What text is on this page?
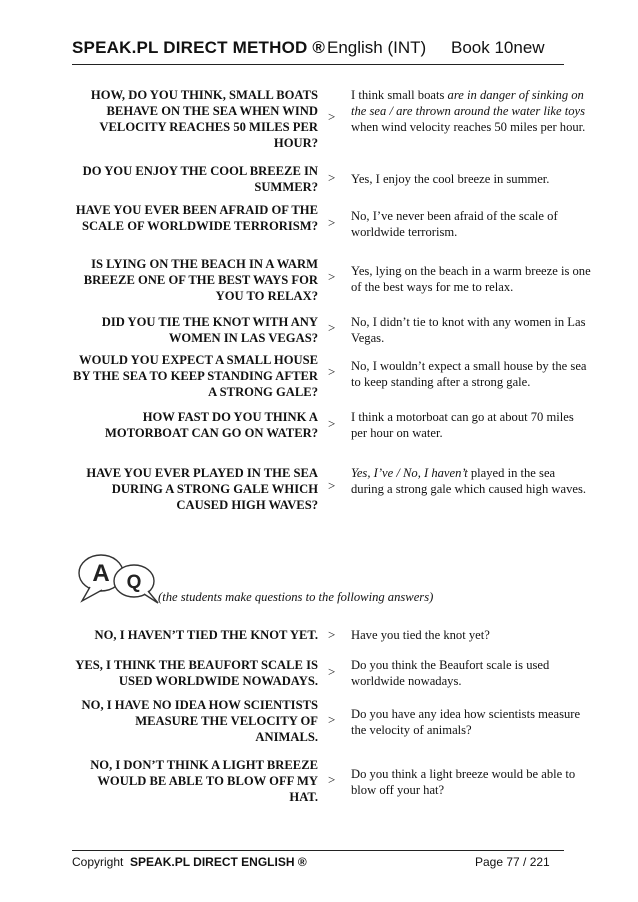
SPEAK.PL DIRECT METHOD ® English (INT) Book 10new
HOW, DO YOU THINK, SMALL BOATS BEHAVE ON THE SEA WHEN WIND VELOCITY REACHES 50 MILES PER HOUR?
>
I think small boats are in danger of sinking on the sea / are thrown around the water like toys when wind velocity reaches 50 miles per hour.
DO YOU ENJOY THE COOL BREEZE IN SUMMER?
> Yes, I enjoy the cool breeze in summer.
HAVE YOU EVER BEEN AFRAID OF THE SCALE OF WORLDWIDE TERRORISM? > No, I’ve never been afraid of the scale of worldwide terrorism.
IS LYING ON THE BEACH IN A WARM BREEZE ONE OF THE BEST WAYS FOR YOU TO RELAX?
> Yes, lying on the beach in a warm breeze is one of the best ways for me to relax.
DID YOU TIE THE KNOT WITH ANY WOMEN IN LAS VEGAS?
> No, I didn’t tie to knot with any women in Las Vegas.
WOULD YOU EXPECT A SMALL HOUSE BY THE SEA TO KEEP STANDING AFTER A STRONG GALE?
> No, I wouldn’t expect a small house by the sea to keep standing after a strong gale.
HOW FAST DO YOU THINK A MOTORBOAT CAN GO ON WATER?
> I think a motorboat can go at about 70 miles per hour on water.
HAVE YOU EVER PLAYED IN THE SEA DURING A STRONG GALE WHICH CAUSED HIGH WAVES?
>
Yes, I’ve / No, I haven’t played in the sea during a strong gale which caused high waves.
A Q
(the students make questions to the following answers)
NO, I HAVEN’T TIED THE KNOT YET. > Have you tied the knot yet?
YES, I THINK THE BEAUFORT SCALE IS USED WORLDWIDE NOWADAYS.
> Do you think the Beaufort scale is used worldwide nowadays.
NO, I HAVE NO IDEA HOW SCIENTISTS MEASURE THE VELOCITY OF ANIMALS.
> Do you have any idea how scientists measure the velocity of animals?
NO, I DON’T THINK A LIGHT BREEZE WOULD BE ABLE TO BLOW OFF MY HAT.
> Do you think a light breeze would be able to blow off your hat?
Copyright SPEAK.PL DIRECT ENGLISH ®	Page 77 / 221
